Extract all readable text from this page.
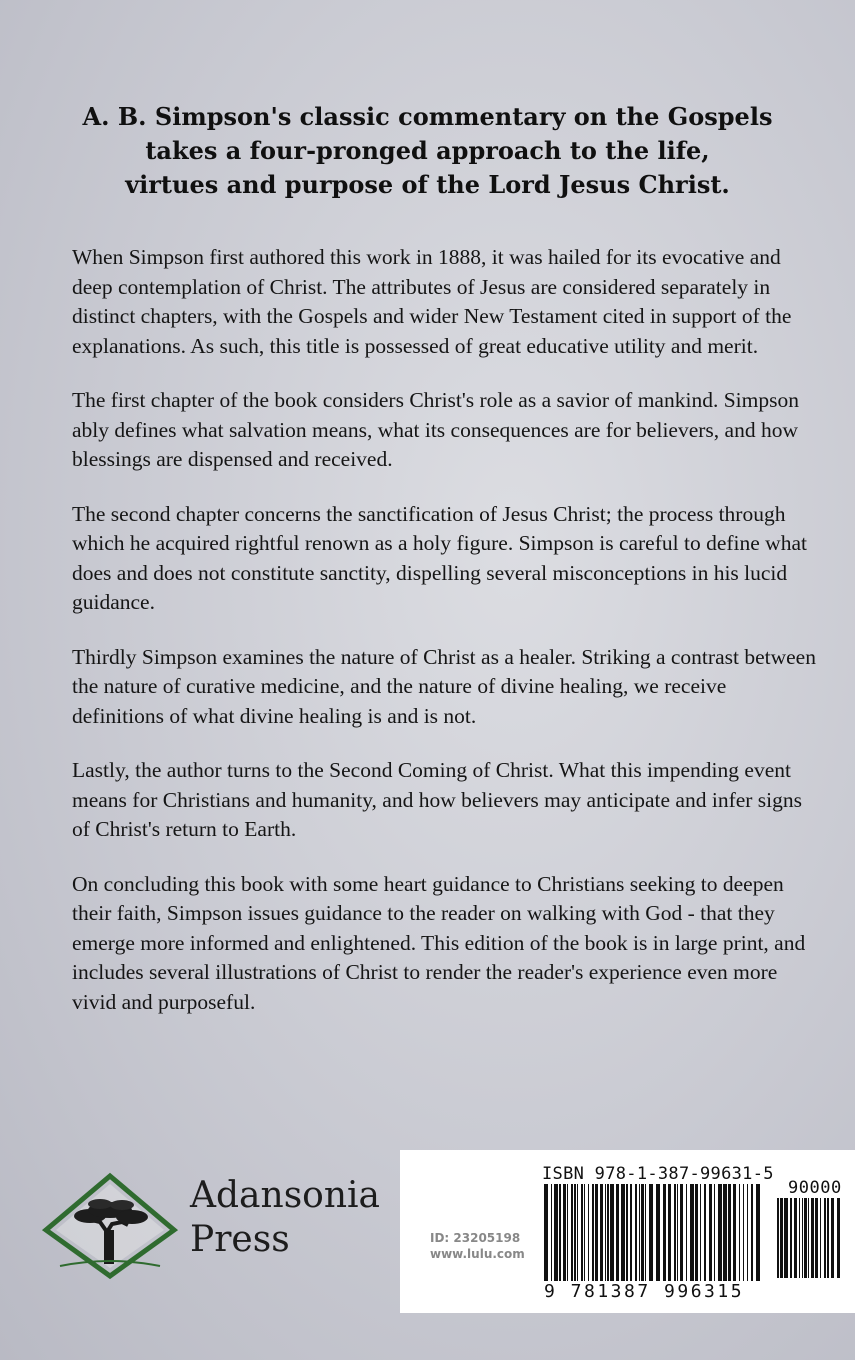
A. B. Simpson's classic commentary on the Gospels
takes a four-pronged approach to the life,
virtues and purpose of the Lord Jesus Christ.

When Simpson first authored this work in 1888, it was hailed for its evocative and deep contemplation of Christ. The attributes of Jesus are considered separately in distinct chapters, with the Gospels and wider New Testament cited in support of the explanations. As such, this title is possessed of great educative utility and merit.

The first chapter of the book considers Christ's role as a savior of mankind. Simpson ably defines what salvation means, what its consequences are for believers, and how blessings are dispensed and received.

The second chapter concerns the sanctification of Jesus Christ; the process through which he acquired rightful renown as a holy figure. Simpson is careful to define what does and does not constitute sanctity, dispelling several misconceptions in his lucid guidance.

Thirdly Simpson examines the nature of Christ as a healer. Striking a contrast between the nature of curative medicine, and the nature of divine healing, we receive definitions of what divine healing is and is not.

Lastly, the author turns to the Second Coming of Christ. What this impending event means for Christians and humanity, and how believers may anticipate and infer signs of Christ's return to Earth.

On concluding this book with some heart guidance to Christians seeking to deepen their faith, Simpson issues guidance to the reader on walking with God - that they emerge more informed and enlightened. This edition of the book is in large print, and includes several illustrations of Christ to render the reader's experience even more vivid and purposeful.

Adansonia
Press
ISBN 978-1-387-99631-5
ID: 23205198
www.lulu.com
90000
9 781387 996315
